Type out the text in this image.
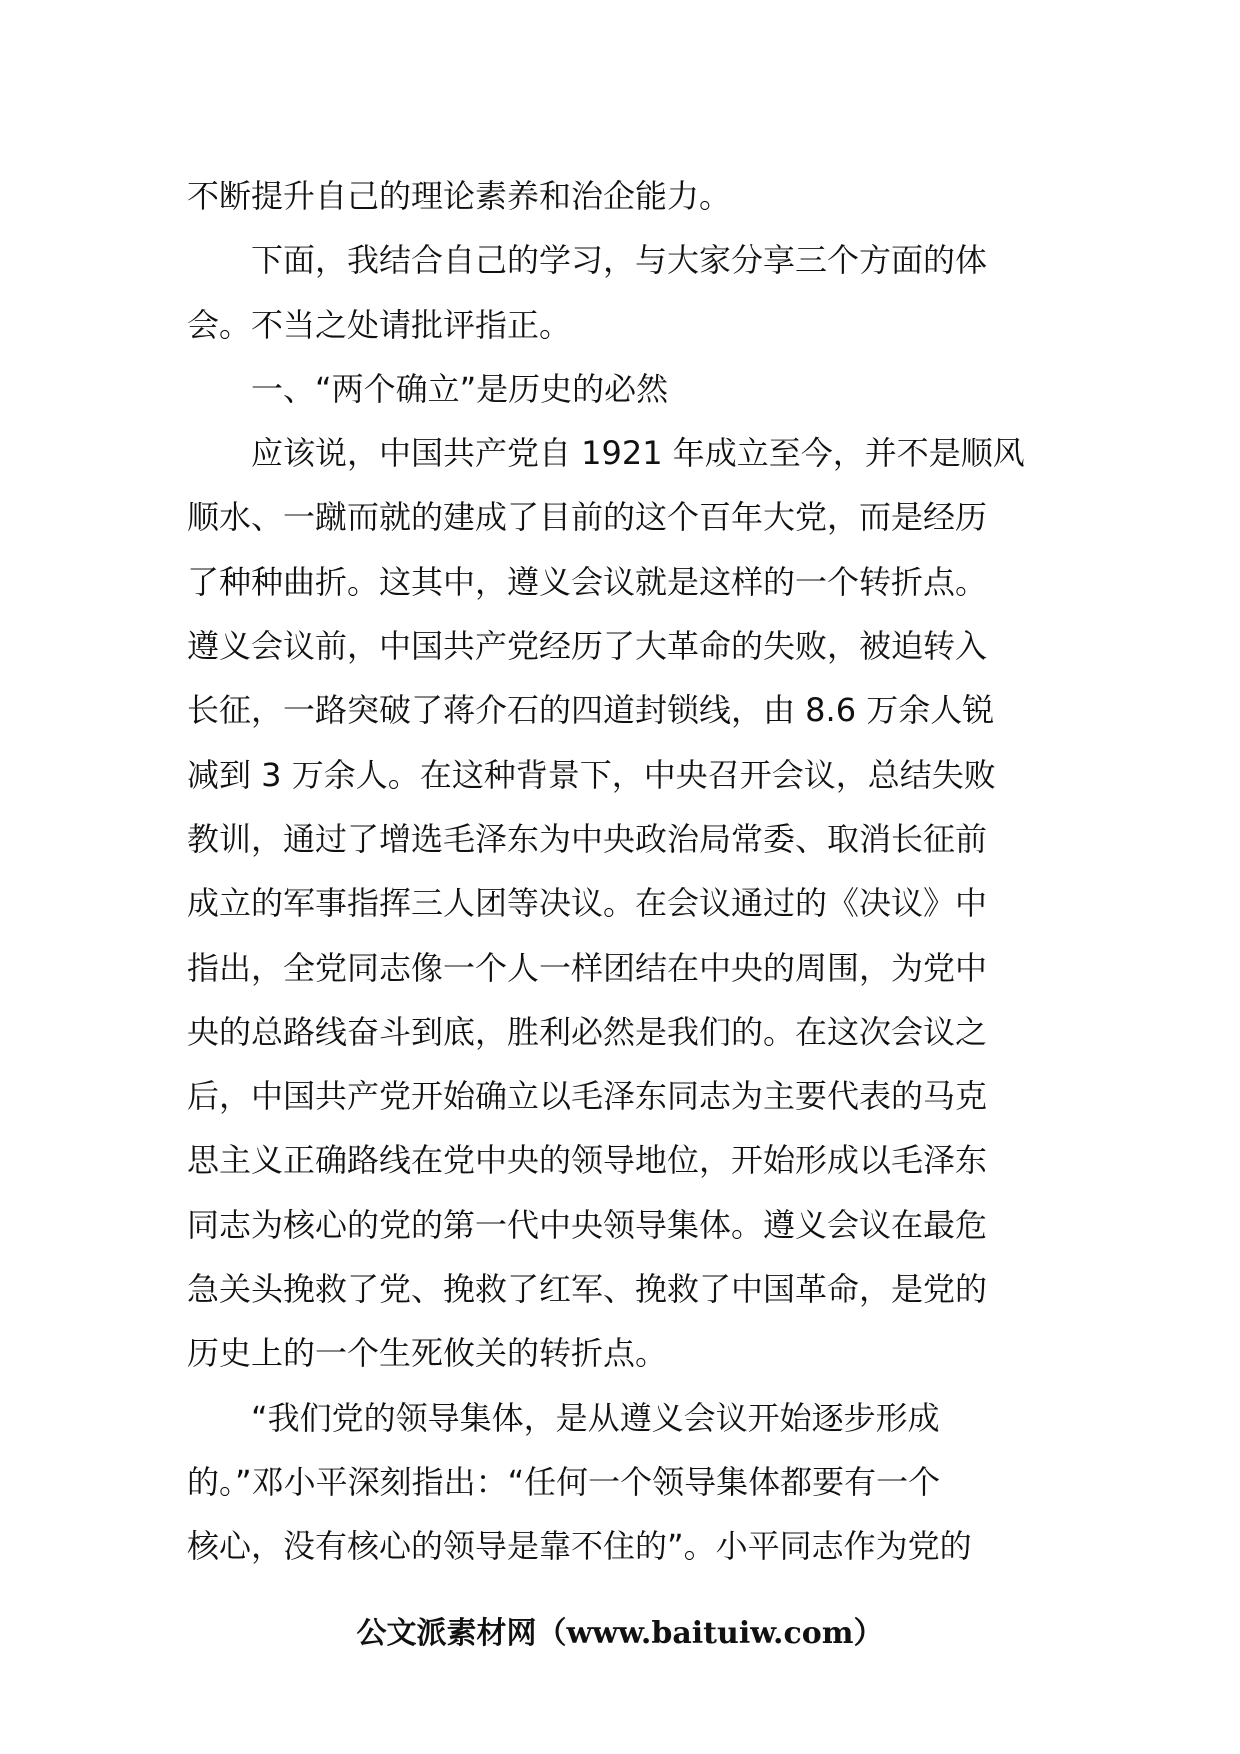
不断提升自己的理论素养和治企能力。
　　下面，我结合自己的学习，与大家分享三个方面的体
会。不当之处请批评指正。
　　一、“两个确立”是历史的必然
　　应该说，中国共产党自 1921 年成立至今，并不是顺风
顺水、一蹴而就的建成了目前的这个百年大党，而是经历
了种种曲折。这其中，遵义会议就是这样的一个转折点。
遵义会议前，中国共产党经历了大革命的失败，被迫转入
长征，一路突破了蒋介石的四道封锁线，由 8.6 万余人锐
减到 3 万余人。在这种背景下，中央召开会议，总结失败
教训，通过了增选毛泽东为中央政治局常委、取消长征前
成立的军事指挥三人团等决议。在会议通过的《决议》中
指出，全党同志像一个人一样团结在中央的周围，为党中
央的总路线奋斗到底，胜利必然是我们的。在这次会议之
后，中国共产党开始确立以毛泽东同志为主要代表的马克
思主义正确路线在党中央的领导地位，开始形成以毛泽东
同志为核心的党的第一代中央领导集体。遵义会议在最危
急关头挽救了党、挽救了红军、挽救了中国革命，是党的
历史上的一个生死攸关的转折点。
　　“我们党的领导集体，是从遵义会议开始逐步形成
的。”邓小平深刻指出：“任何一个领导集体都要有一个
核心，没有核心的领导是靠不住的”。小平同志作为党的
公文派素材网（www.baituiw.com）
